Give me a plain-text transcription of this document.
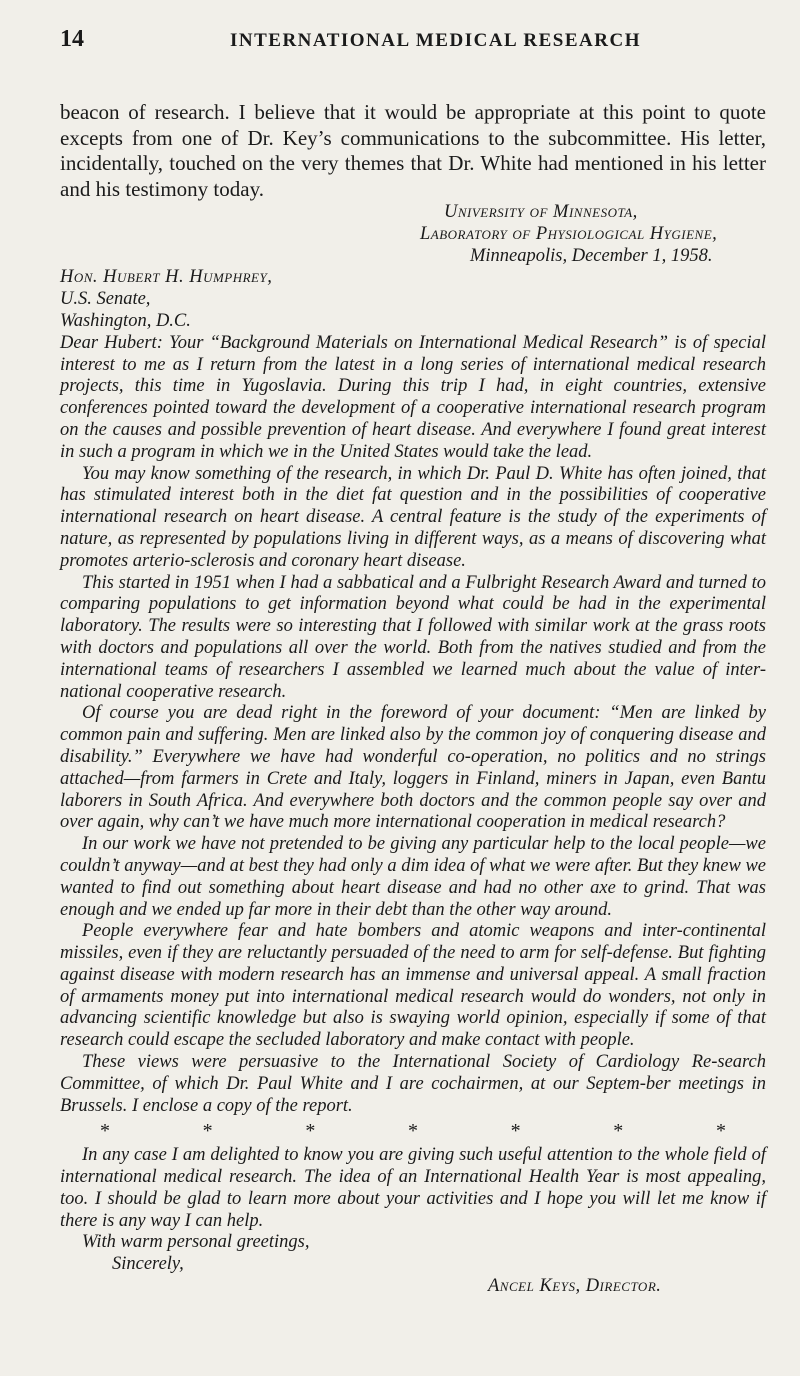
14	INTERNATIONAL MEDICAL RESEARCH

beacon of research. I believe that it would be appropriate at this point to quote excepts from one of Dr. Key’s communications to the subcommittee. His letter, incidentally, touched on the very themes that Dr. White had mentioned in his letter and his testimony today.

University of Minnesota,
Laboratory of Physiological Hygiene,
Minneapolis, December 1, 1958.
Hon. Hubert H. Humphrey,
U.S. Senate,
Washington, D.C.

Dear Hubert: Your “Background Materials on International Medical Research” is of special interest to me as I return from the latest in a long series of international medical research projects, this time in Yugoslavia. During this trip I had, in eight countries, extensive conferences pointed toward the development of a cooperative international research program on the causes and possible prevention of heart disease. And everywhere I found great interest in such a program in which we in the United States would take the lead.

You may know something of the research, in which Dr. Paul D. White has often joined, that has stimulated interest both in the diet fat question and in the possibilities of cooperative international research on heart disease. A central feature is the study of the experiments of nature, as represented by populations living in different ways, as a means of discovering what promotes arterio-sclerosis and coronary heart disease.

This started in 1951 when I had a sabbatical and a Fulbright Research Award and turned to comparing populations to get information beyond what could be had in the experimental laboratory. The results were so interesting that I followed with similar work at the grass roots with doctors and populations all over the world. Both from the natives studied and from the international teams of researchers I assembled we learned much about the value of inter-national cooperative research.

Of course you are dead right in the foreword of your document: “Men are linked by common pain and suffering. Men are linked also by the common joy of conquering disease and disability.” Everywhere we have had wonderful co-operation, no politics and no strings attached—from farmers in Crete and Italy, loggers in Finland, miners in Japan, even Bantu laborers in South Africa. And everywhere both doctors and the common people say over and over again, why can’t we have much more international cooperation in medical research?

In our work we have not pretended to be giving any particular help to the local people—we couldn’t anyway—and at best they had only a dim idea of what we were after. But they knew we wanted to find out something about heart disease and had no other axe to grind. That was enough and we ended up far more in their debt than the other way around.

People everywhere fear and hate bombers and atomic weapons and inter-continental missiles, even if they are reluctantly persuaded of the need to arm for self-defense. But fighting against disease with modern research has an immense and universal appeal. A small fraction of armaments money put into international medical research would do wonders, not only in advancing scientific knowledge but also is swaying world opinion, especially if some of that research could escape the secluded laboratory and make contact with people.

These views were persuasive to the International Society of Cardiology Re-search Committee, of which Dr. Paul White and I are cochairmen, at our Septem-ber meetings in Brussels. I enclose a copy of the report.

*	*	*	*	*	*	*

In any case I am delighted to know you are giving such useful attention to the whole field of international medical research. The idea of an International Health Year is most appealing, too. I should be glad to learn more about your activities and I hope you will let me know if there is any way I can help.

With warm personal greetings,
Sincerely,
Ancel Keys, Director.
